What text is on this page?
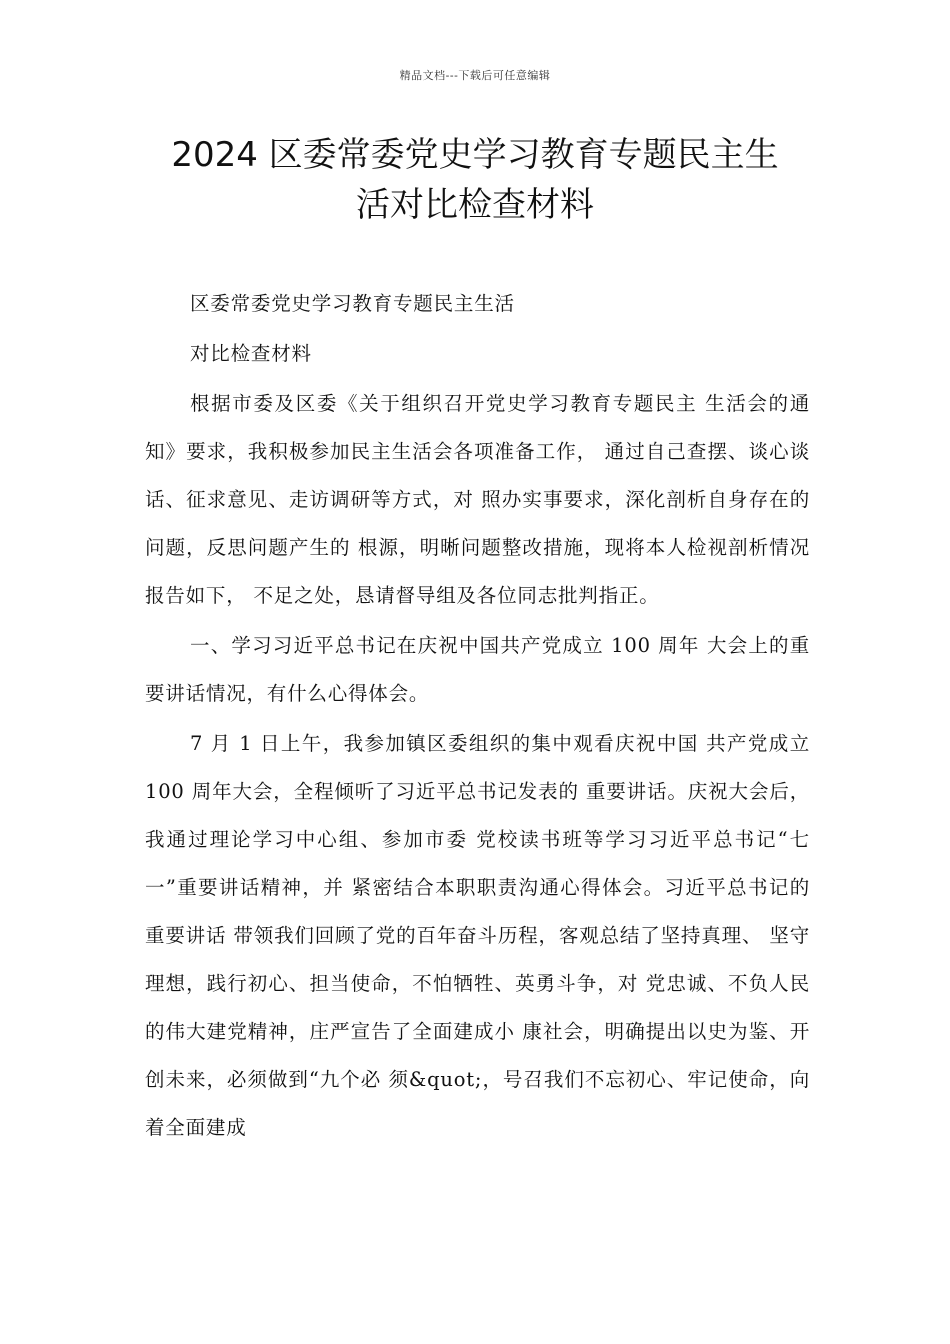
精品文档---下载后可任意编辑
2024 区委常委党史学习教育专题民主生
活对比检查材料

区委常委党史学习教育专题民主生活

对比检查材料

根据市委及区委《关于组织召开党史学习教育专题民主 生活会的通知》要求，我积极参加民主生活会各项准备工作， 通过自己查摆、谈心谈话、征求意见、走访调研等方式，对 照办实事要求，深化剖析自身存在的问题，反思问题产生的 根源，明晰问题整改措施，现将本人检视剖析情况报告如下， 不足之处，恳请督导组及各位同志批判指正。

一、学习习近平总书记在庆祝中国共产党成立 100 周年 大会上的重要讲话情况，有什么心得体会。

7 月 1 日上午，我参加镇区委组织的集中观看庆祝中国 共产党成立 100 周年大会，全程倾听了习近平总书记发表的 重要讲话。庆祝大会后，我通过理论学习中心组、参加市委 党校读书班等学习习近平总书记“七一”重要讲话精神，并 紧密结合本职职责沟通心得体会。习近平总书记的重要讲话 带领我们回顾了党的百年奋斗历程，客观总结了坚持真理、 坚守理想，践行初心、担当使命，不怕牺牲、英勇斗争，对 党忠诚、不负人民的伟大建党精神，庄严宣告了全面建成小 康社会，明确提出以史为鉴、开创未来，必须做到“九个必 须&quot;，号召我们不忘初心、牢记使命，向着全面建成
